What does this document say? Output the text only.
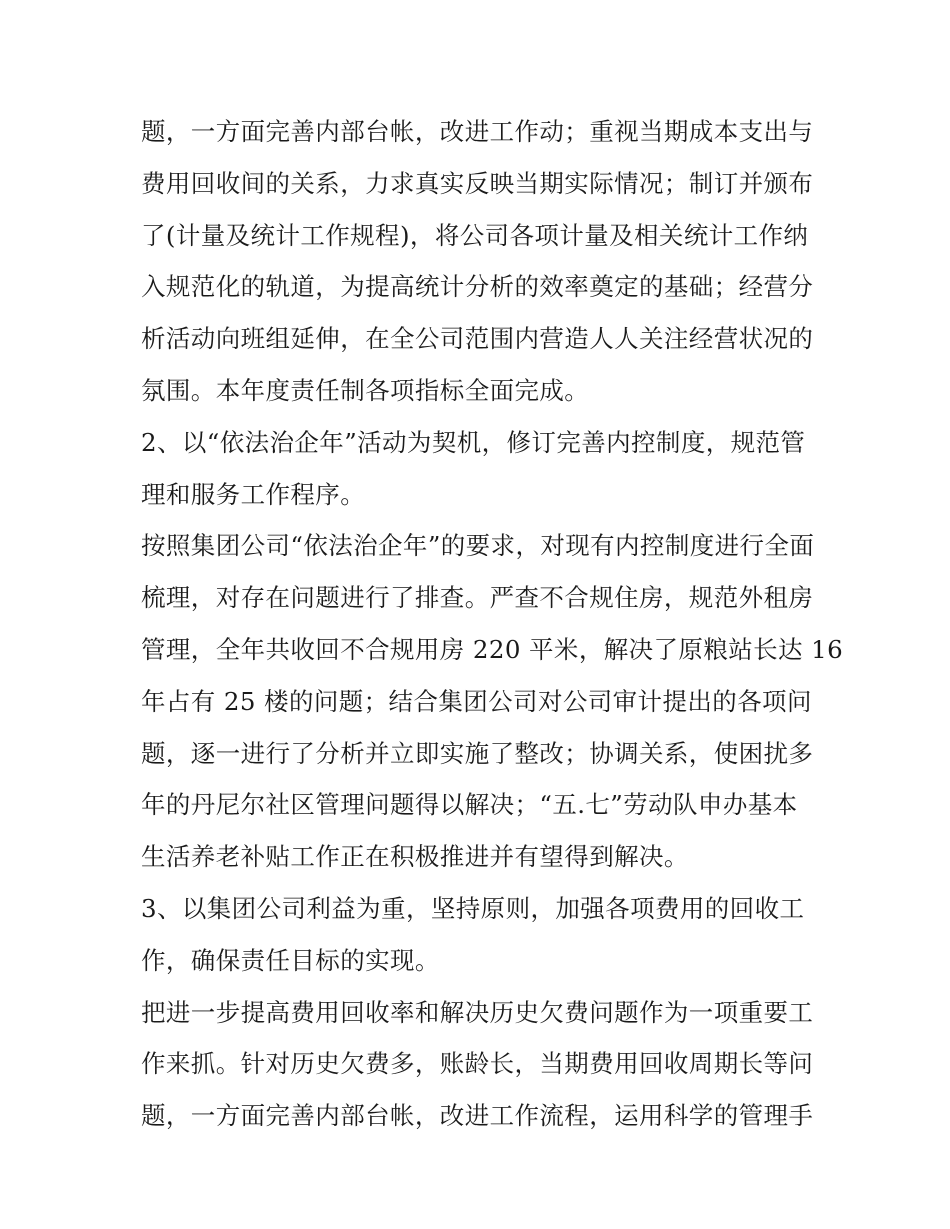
题，一方面完善内部台帐，改进工作动；重视当期成本支出与
费用回收间的关系，力求真实反映当期实际情况；制订并颁布
了(计量及统计工作规程)，将公司各项计量及相关统计工作纳
入规范化的轨道，为提高统计分析的效率奠定的基础；经营分
析活动向班组延伸，在全公司范围内营造人人关注经营状况的
氛围。本年度责任制各项指标全面完成。
2、以“依法治企年”活动为契机，修订完善内控制度，规范管
理和服务工作程序。
按照集团公司“依法治企年”的要求，对现有内控制度进行全面
梳理，对存在问题进行了排查。严查不合规住房，规范外租房
管理，全年共收回不合规用房 220 平米，解决了原粮站长达 16
年占有 25 楼的问题；结合集团公司对公司审计提出的各项问
题，逐一进行了分析并立即实施了整改；协调关系，使困扰多
年的丹尼尔社区管理问题得以解决；“五.七”劳动队申办基本
生活养老补贴工作正在积极推进并有望得到解决。
3、以集团公司利益为重，坚持原则，加强各项费用的回收工
作，确保责任目标的实现。
把进一步提高费用回收率和解决历史欠费问题作为一项重要工
作来抓。针对历史欠费多，账龄长，当期费用回收周期长等问
题，一方面完善内部台帐，改进工作流程，运用科学的管理手
